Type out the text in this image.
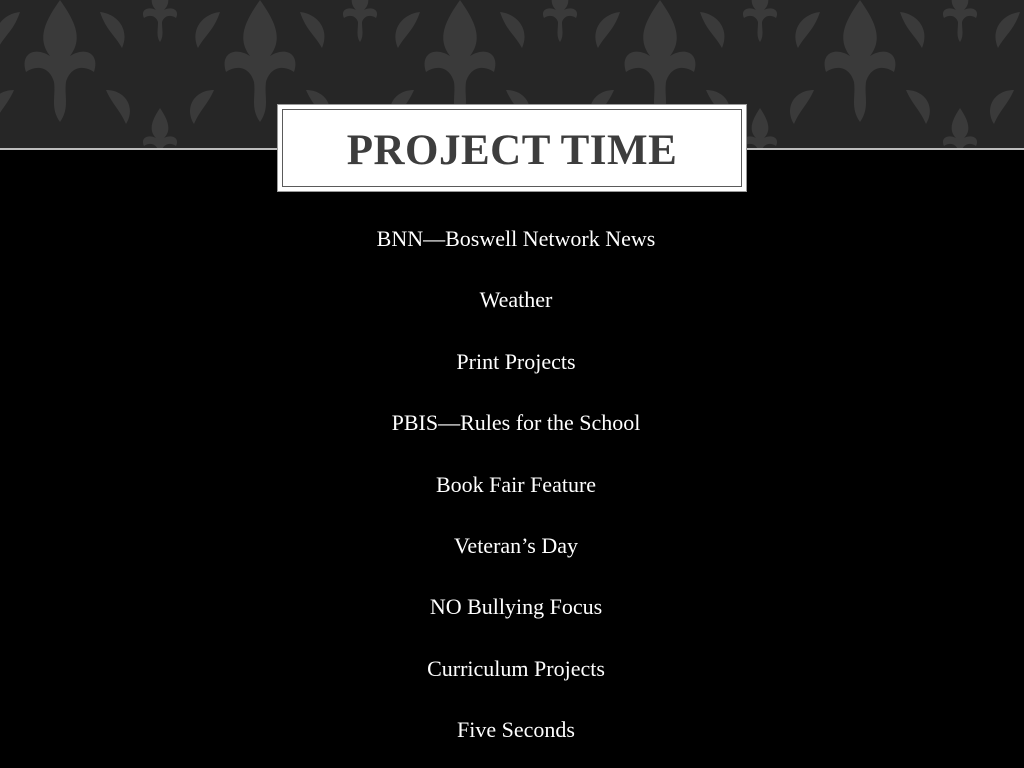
PROJECT TIME
BNN—Boswell Network News
Weather
Print Projects
PBIS—Rules for the School
Book Fair Feature
Veteran’s Day
NO Bullying Focus
Curriculum Projects
Five Seconds
